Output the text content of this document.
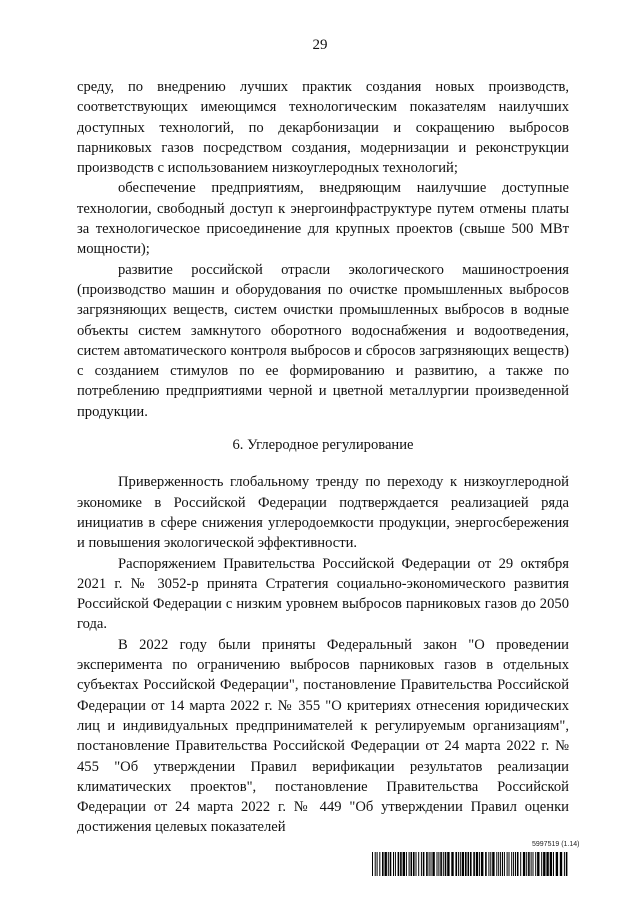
29

среду, по внедрению лучших практик создания новых производств, соответствующих имеющимся технологическим показателям наилучших доступных технологий, по декарбонизации и сокращению выбросов парниковых газов посредством создания, модернизации и реконструкции производств с использованием низкоуглеродных технологий;

обеспечение предприятиям, внедряющим наилучшие доступные технологии, свободный доступ к энергоинфраструктуре путем отмены платы за технологическое присоединение для крупных проектов (свыше 500 МВт мощности);

развитие российской отрасли экологического машиностроения (производство машин и оборудования по очистке промышленных выбросов загрязняющих веществ, систем очистки промышленных выбросов в водные объекты систем замкнутого оборотного водоснабжения и водоотведения, систем автоматического контроля выбросов и сбросов загрязняющих веществ) с созданием стимулов по ее формированию и развитию, а также по потреблению предприятиями черной и цветной металлургии произведенной продукции.

6. Углеродное регулирование

Приверженность глобальному тренду по переходу к низкоуглеродной экономике в Российской Федерации подтверждается реализацией ряда инициатив в сфере снижения углеродоемкости продукции, энергосбережения и повышения экологической эффективности.

Распоряжением Правительства Российской Федерации от 29 октября 2021 г. № 3052-р принята Стратегия социально-экономического развития Российской Федерации с низким уровнем выбросов парниковых газов до 2050 года.

В 2022 году были приняты Федеральный закон "О проведении эксперимента по ограничению выбросов парниковых газов в отдельных субъектах Российской Федерации", постановление Правительства Российской Федерации от 14 марта 2022 г. № 355 "О критериях отнесения юридических лиц и индивидуальных предпринимателей к регулируемым организациям", постановление Правительства Российской Федерации от 24 марта 2022 г. № 455 "Об утверждении Правил верификации результатов реализации климатических проектов", постановление Правительства Российской Федерации от 24 марта 2022 г. № 449 "Об утверждении Правил оценки достижения целевых показателей

5997519 (1.14)
